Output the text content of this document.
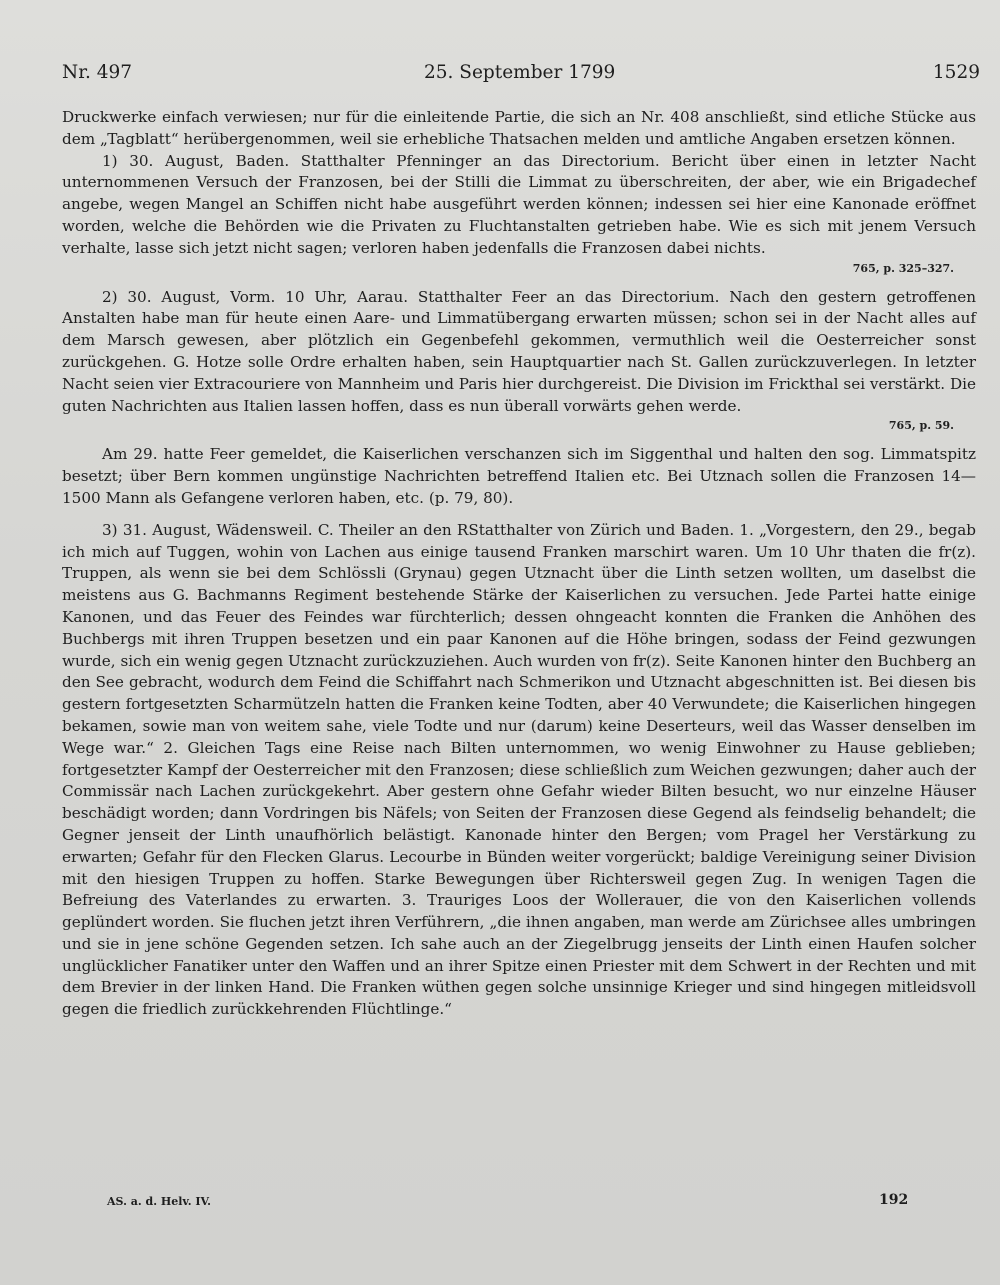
Nr. 497	25. September 1799	1529

Druckwerke einfach verwiesen; nur für die einleitende Partie, die sich an Nr. 408 anschließt, sind etliche Stücke aus dem „Tagblatt“ herübergenommen, weil sie erhebliche Thatsachen melden und amtliche Angaben ersetzen können.

1) 30. August, Baden. Statthalter Pfenninger an das Directorium. Bericht über einen in letzter Nacht unternommenen Versuch der Franzosen, bei der Stilli die Limmat zu überschreiten, der aber, wie ein Brigadechef angebe, wegen Mangel an Schiffen nicht habe ausgeführt werden können; indessen sei hier eine Kanonade eröffnet worden, welche die Behörden wie die Privaten zu Fluchtanstalten getrieben habe. Wie es sich mit jenem Versuch verhalte, lasse sich jetzt nicht sagen; verloren haben jedenfalls die Franzosen dabei nichts.

765, p. 325–327.

2) 30. August, Vorm. 10 Uhr, Aarau. Statthalter Feer an das Directorium. Nach den gestern getroffenen Anstalten habe man für heute einen Aare- und Limmatübergang erwarten müssen; schon sei in der Nacht alles auf dem Marsch gewesen, aber plötzlich ein Gegenbefehl gekommen, vermuthlich weil die Oesterreicher sonst zurückgehen. G. Hotze solle Ordre erhalten haben, sein Hauptquartier nach St. Gallen zurückzuverlegen. In letzter Nacht seien vier Extracouriere von Mannheim und Paris hier durchgereist. Die Division im Frickthal sei verstärkt. Die guten Nachrichten aus Italien lassen hoffen, dass es nun überall vorwärts gehen werde.

765, p. 59.

Am 29. hatte Feer gemeldet, die Kaiserlichen verschanzen sich im Siggenthal und halten den sog. Limmatspitz besetzt; über Bern kommen ungünstige Nachrichten betreffend Italien etc. Bei Utznach sollen die Franzosen 14—1500 Mann als Gefangene verloren haben, etc. (p. 79, 80).

3) 31. August, Wädensweil. C. Theiler an den RStatthalter von Zürich und Baden. 1. „Vorgestern, den 29., begab ich mich auf Tuggen, wohin von Lachen aus einige tausend Franken marschirt waren. Um 10 Uhr thaten die fr(z). Truppen, als wenn sie bei dem Schlössli (Grynau) gegen Utznacht über die Linth setzen wollten, um daselbst die meistens aus G. Bachmanns Regiment bestehende Stärke der Kaiserlichen zu versuchen. Jede Partei hatte einige Kanonen, und das Feuer des Feindes war fürchterlich; dessen ohngeacht konnten die Franken die Anhöhen des Buchbergs mit ihren Truppen besetzen und ein paar Kanonen auf die Höhe bringen, sodass der Feind gezwungen wurde, sich ein wenig gegen Utznacht zurückzuziehen. Auch wurden von fr(z). Seite Kanonen hinter den Buchberg an den See gebracht, wodurch dem Feind die Schiffahrt nach Schmerikon und Utznacht abgeschnitten ist. Bei diesen bis gestern fortgesetzten Scharmützeln hatten die Franken keine Todten, aber 40 Verwundete; die Kaiserlichen hingegen bekamen, sowie man von weitem sahe, viele Todte und nur (darum) keine Deserteurs, weil das Wasser denselben im Wege war.“ 2. Gleichen Tags eine Reise nach Bilten unternommen, wo wenig Einwohner zu Hause geblieben; fortgesetzter Kampf der Oesterreicher mit den Franzosen; diese schließlich zum Weichen gezwungen; daher auch der Commissär nach Lachen zurückgekehrt. Aber gestern ohne Gefahr wieder Bilten besucht, wo nur einzelne Häuser beschädigt worden; dann Vordringen bis Näfels; von Seiten der Franzosen diese Gegend als feindselig behandelt; die Gegner jenseit der Linth unaufhörlich belästigt. Kanonade hinter den Bergen; vom Pragel her Verstärkung zu erwarten; Gefahr für den Flecken Glarus. Lecourbe in Bünden weiter vorgerückt; baldige Vereinigung seiner Division mit den hiesigen Truppen zu hoffen. Starke Bewegungen über Richtersweil gegen Zug. In wenigen Tagen die Befreiung des Vaterlandes zu erwarten. 3. Trauriges Loos der Wollerauer, die von den Kaiserlichen vollends geplündert worden. Sie fluchen jetzt ihren Verführern, „die ihnen angaben, man werde am Zürichsee alles umbringen und sie in jene schöne Gegenden setzen. Ich sahe auch an der Ziegelbrugg jenseits der Linth einen Haufen solcher unglücklicher Fanatiker unter den Waffen und an ihrer Spitze einen Priester mit dem Schwert in der Rechten und mit dem Brevier in der linken Hand. Die Franken wüthen gegen solche unsinnige Krieger und sind hingegen mitleidsvoll gegen die friedlich zurückkehrenden Flüchtlinge.“

AS. a. d. Helv. IV.	192
